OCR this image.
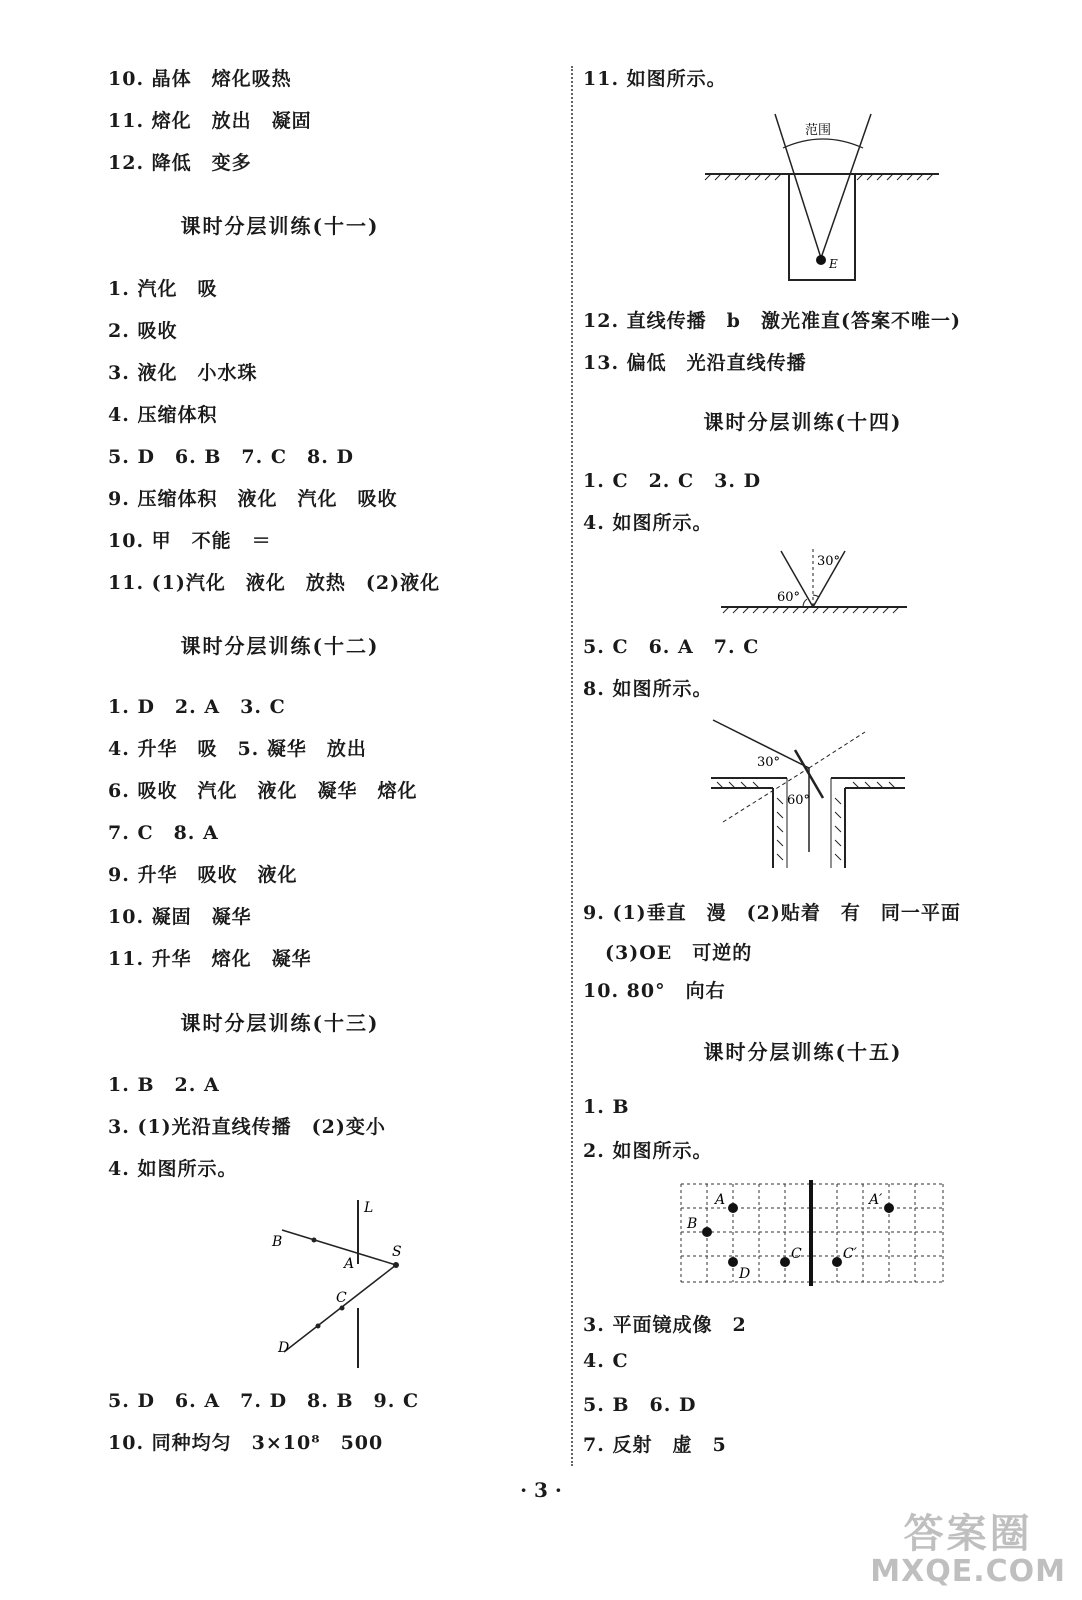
10. 晶体　熔化吸热
11. 熔化　放出　凝固
12. 降低　变多
课时分层训练(十一)
1. 汽化　吸
2. 吸收
3. 液化　小水珠
4. 压缩体积
5. D　6. B　7. C　8. D
9. 压缩体积　液化　汽化　吸收
10. 甲　不能　＝
11. (1)汽化　液化　放热　(2)液化
课时分层训练(十二)
1. D　2. A　3. C
4. 升华　吸　5. 凝华　放出
6. 吸收　汽化　液化　凝华　熔化
7. C　8. A
9. 升华　吸收　液化
10. 凝固　凝华
11. 升华　熔化　凝华
课时分层训练(十三)
1. B　2. A
3. (1)光沿直线传播　(2)变小
4. 如图所示。
L
B
A
S
C
D
5. D　6. A　7. D　8. B　9. C
10. 同种均匀　3×10⁸　500
11. 如图所示。
范围
E
12. 直线传播　b　激光准直(答案不唯一)
13. 偏低　光沿直线传播
课时分层训练(十四)
1. C　2. C　3. D
4. 如图所示。
30°
60°
5. C　6. A　7. C
8. 如图所示。
30°
60°
9. (1)垂直　漫　(2)贴着　有　同一平面
(3)OE　可逆的
10. 80°　向右
课时分层训练(十五)
1. B
2. 如图所示。
A
B
D
C
A′
C′
3. 平面镜成像　2
4. C
5. B　6. D
7. 反射　虚　5
· 3 ·
答案圈
MXQE.COM
